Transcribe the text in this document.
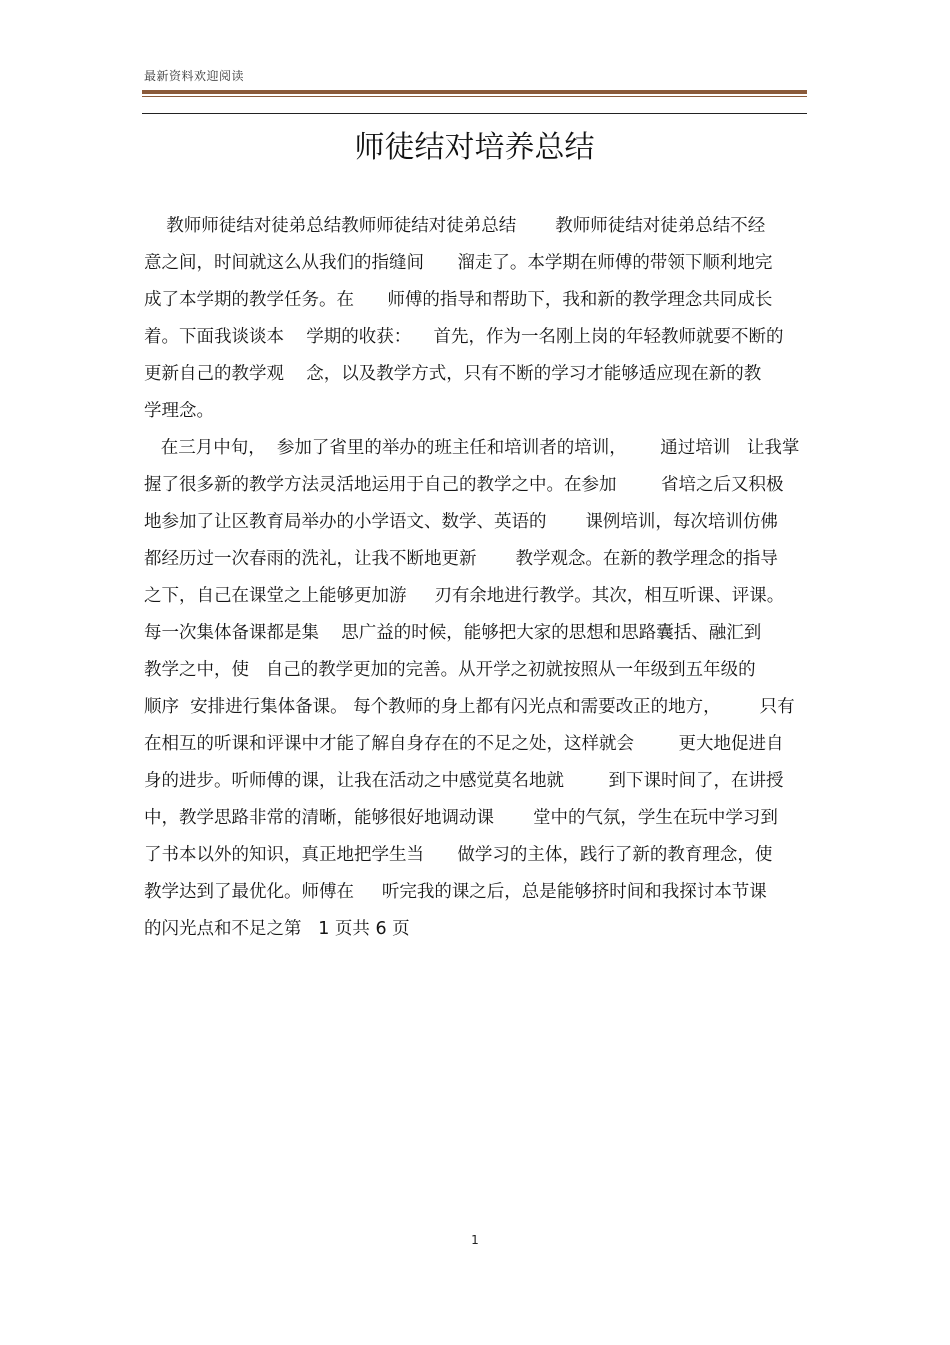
最新资料欢迎阅读
师徒结对培养总结
教师师徒结对徒弟总结教师师徒结对徒弟总结       教师师徒结对徒弟总结不经
意之间，时间就这么从我们的指缝间      溜走了。本学期在师傅的带领下顺利地完
成了本学期的教学任务。在      师傅的指导和帮助下，我和新的教学理念共同成长
着。下面我谈谈本    学期的收获：    首先，作为一名刚上岗的年轻教师就要不断的
更新自己的教学观    念，以及教学方式，只有不断的学习才能够适应现在新的教
学理念。
在三月中旬，  参加了省里的举办的班主任和培训者的培训，      通过培训   让我掌
握了很多新的教学方法灵活地运用于自己的教学之中。在参加        省培之后又积极
地参加了让区教育局举办的小学语文、数学、英语的       课例培训，每次培训仿佛
都经历过一次春雨的洗礼，让我不断地更新       教学观念。在新的教学理念的指导
之下，自己在课堂之上能够更加游     刃有余地进行教学。其次，相互听课、评课。
每一次集体备课都是集    思广益的时候，能够把大家的思想和思路囊括、融汇到
教学之中，使   自己的教学更加的完善。从开学之初就按照从一年级到五年级的
顺序  安排进行集体备课。 每个教师的身上都有闪光点和需要改正的地方，       只有
在相互的听课和评课中才能了解自身存在的不足之处，这样就会        更大地促进自
身的进步。听师傅的课，让我在活动之中感觉莫名地就        到下课时间了，在讲授
中，教学思路非常的清晰，能够很好地调动课       堂中的气氛，学生在玩中学习到
了书本以外的知识，真正地把学生当      做学习的主体，践行了新的教育理念，使
教学达到了最优化。师傅在     听完我的课之后，总是能够挤时间和我探讨本节课
的闪光点和不足之第   1 页共 6 页
1
